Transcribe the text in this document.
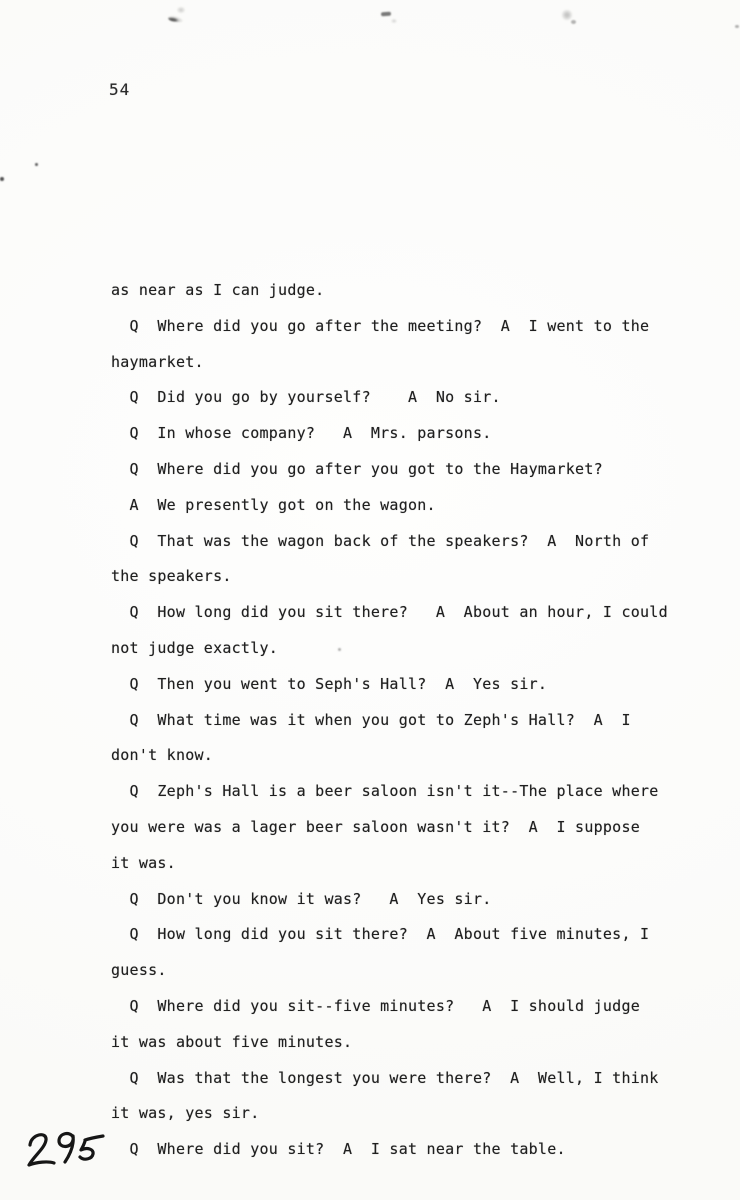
54
as near as I can judge.
Q  Where did you go after the meeting?  A  I went to the
haymarket.
Q  Did you go by yourself?    A  No sir.
Q  In whose company?   A  Mrs. parsons.
Q  Where did you go after you got to the Haymarket?
A  We presently got on the wagon.
Q  That was the wagon back of the speakers?  A  North of
the speakers.
Q  How long did you sit there?   A  About an hour, I could
not judge exactly.
Q  Then you went to Seph's Hall?  A  Yes sir.
Q  What time was it when you got to Zeph's Hall?  A  I
don't know.
Q  Zeph's Hall is a beer saloon isn't it--The place where
you were was a lager beer saloon wasn't it?  A  I suppose
it was.
Q  Don't you know it was?   A  Yes sir.
Q  How long did you sit there?  A  About five minutes, I
guess.
Q  Where did you sit--five minutes?   A  I should judge
it was about five minutes.
Q  Was that the longest you were there?  A  Well, I think
it was, yes sir.
Q  Where did you sit?  A  I sat near the table.
